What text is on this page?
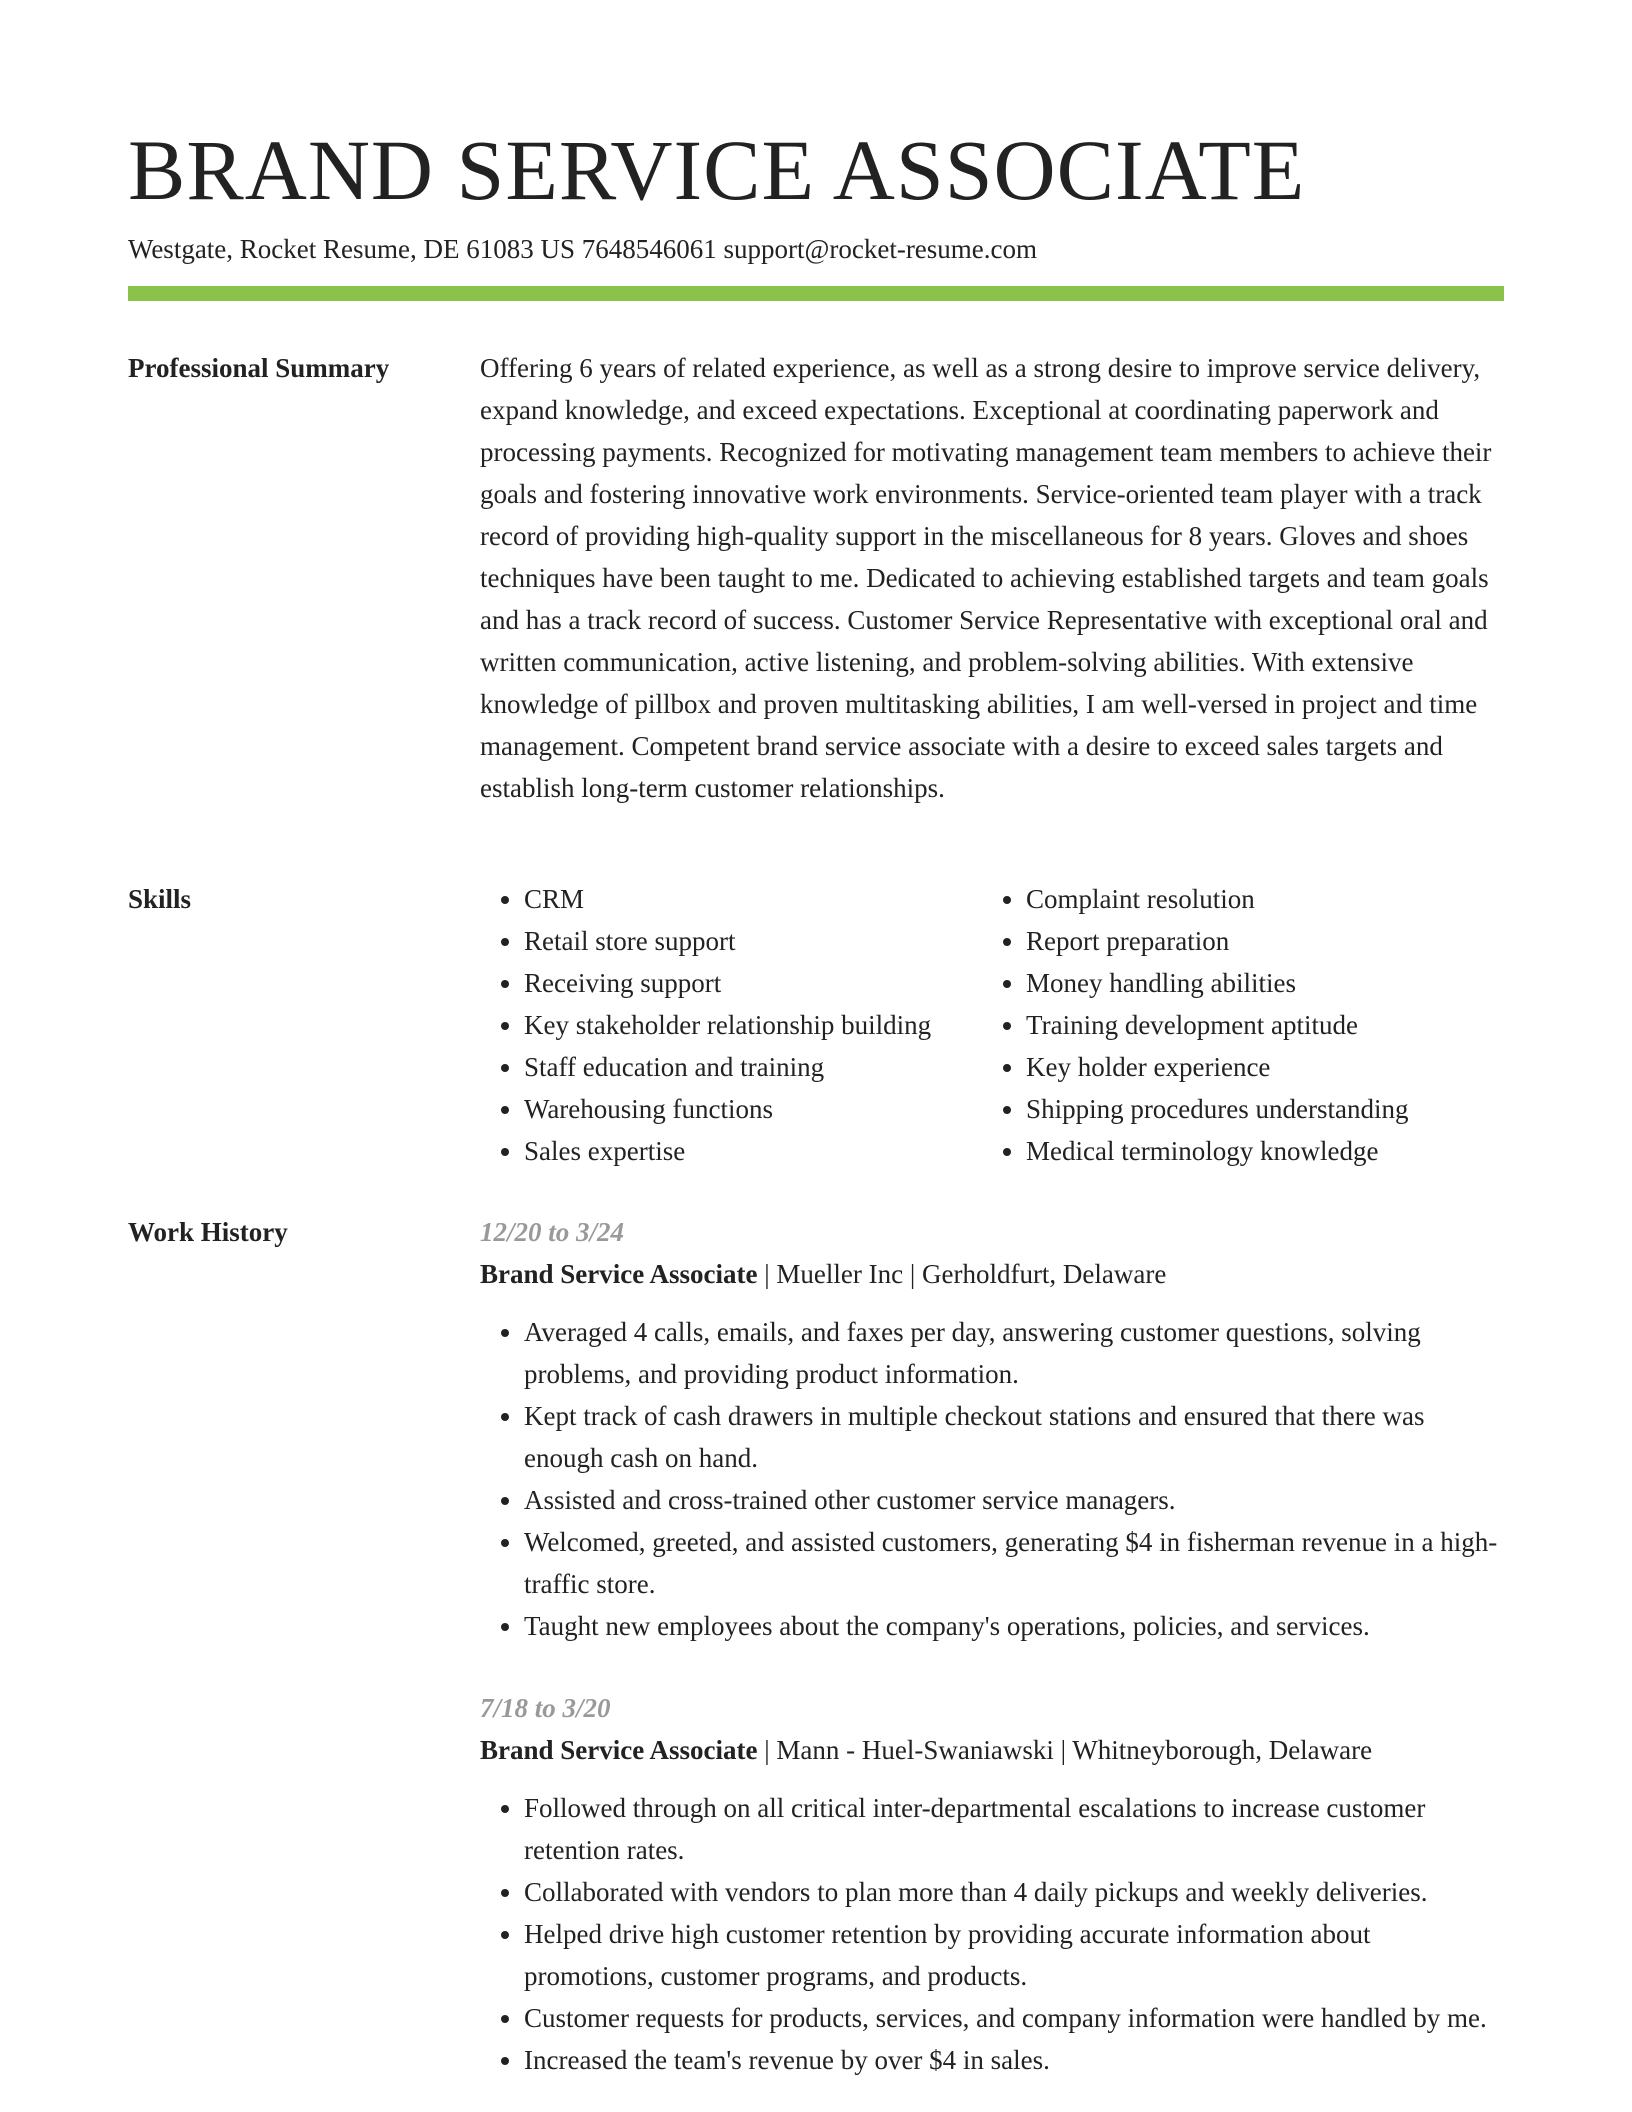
BRAND SERVICE ASSOCIATE
Westgate, Rocket Resume, DE 61083 US 7648546061 support@rocket-resume.com
Professional Summary	Offering 6 years of related experience, as well as a strong desire to improve service delivery, expand knowledge, and exceed expectations. Exceptional at coordinating paperwork and processing payments. Recognized for motivating management team members to achieve their goals and fostering innovative work environments. Service-oriented team player with a track record of providing high-quality support in the miscellaneous for 8 years. Gloves and shoes techniques have been taught to me. Dedicated to achieving established targets and team goals and has a track record of success. Customer Service Representative with exceptional oral and written communication, active listening, and problem-solving abilities. With extensive knowledge of pillbox and proven multitasking abilities, I am well-versed in project and time management. Competent brand service associate with a desire to exceed sales targets and establish long-term customer relationships.

Skills
•	CRM
• Retail store support
• Receiving support
• Key stakeholder relationship building
• Staff education and training
• Warehousing functions
• Sales expertise
• Complaint resolution
• Report preparation
• Money handling abilities
• Training development aptitude
• Key holder experience
• Shipping procedures understanding
• Medical terminology knowledge
Work History	12/20 to 3/24
Brand Service Associate | Mueller Inc | Gerholdfurt, Delaware
• Averaged 4 calls, emails, and faxes per day, answering customer questions, solving problems, and providing product information.
• Kept track of cash drawers in multiple checkout stations and ensured that there was enough cash on hand.
• Assisted and cross-trained other customer service managers.
• Welcomed, greeted, and assisted customers, generating $4 in fisherman revenue in a high-traffic store.
• Taught new employees about the company's operations, policies, and services.
7/18 to 3/20
Brand Service Associate | Mann - Huel-Swaniawski | Whitneyborough, Delaware
• Followed through on all critical inter-departmental escalations to increase customer retention rates.
• Collaborated with vendors to plan more than 4 daily pickups and weekly deliveries.
• Helped drive high customer retention by providing accurate information about promotions, customer programs, and products.
• Customer requests for products, services, and company information were handled by me.
• Increased the team's revenue by over $4 in sales.
